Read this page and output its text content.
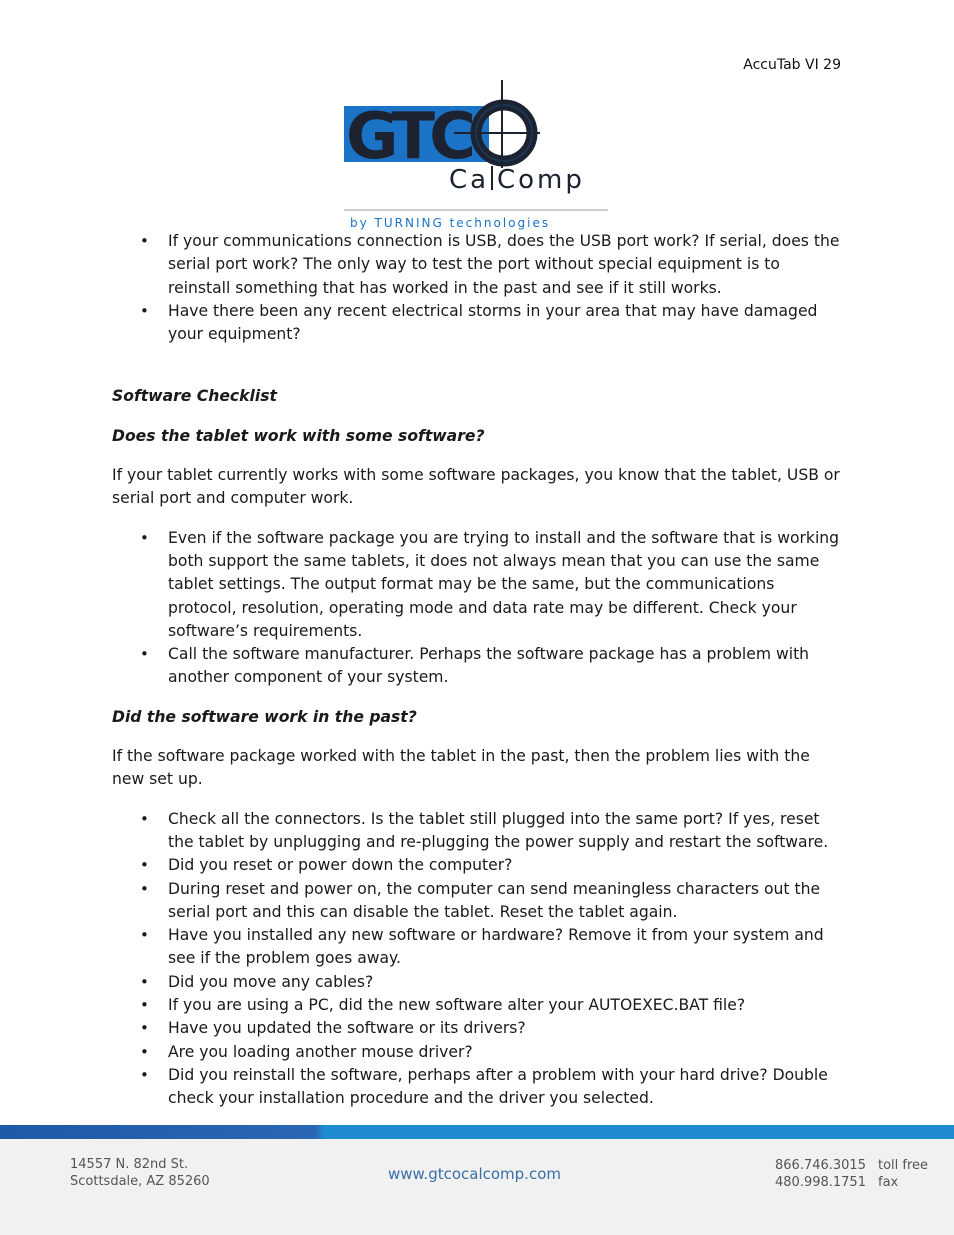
AccuTab VI 29
GTC
Ca Comp
by TURNING technologies
• If your communications connection is USB, does the USB port work? If serial, does the serial port work? The only way to test the port without special equipment is to reinstall something that has worked in the past and see if it still works.
• Have there been any recent electrical storms in your area that may have damaged your equipment?

Software Checklist

Does the tablet work with some software?

If your tablet currently works with some software packages, you know that the tablet, USB or serial port and computer work.

• Even if the software package you are trying to install and the software that is working both support the same tablets, it does not always mean that you can use the same tablet settings. The output format may be the same, but the communications protocol, resolution, operating mode and data rate may be different. Check your software’s requirements.
• Call the software manufacturer. Perhaps the software package has a problem with another component of your system.

Did the software work in the past?

If the software package worked with the tablet in the past, then the problem lies with the new set up.

• Check all the connectors. Is the tablet still plugged into the same port? If yes, reset the tablet by unplugging and re-plugging the power supply and restart the software.
• Did you reset or power down the computer?
• During reset and power on, the computer can send meaningless characters out the serial port and this can disable the tablet. Reset the tablet again.
• Have you installed any new software or hardware? Remove it from your system and see if the problem goes away.
• Did you move any cables?
• If you are using a PC, did the new software alter your AUTOEXEC.BAT file?
• Have you updated the software or its drivers?
• Are you loading another mouse driver?
• Did you reinstall the software, perhaps after a problem with your hard drive? Double check your installation procedure and the driver you selected.
14557 N. 82nd St.
Scottsdale, AZ 85260	www.gtcocalcomp.com	866.746.3015
480.998.1751
toll free
fax
